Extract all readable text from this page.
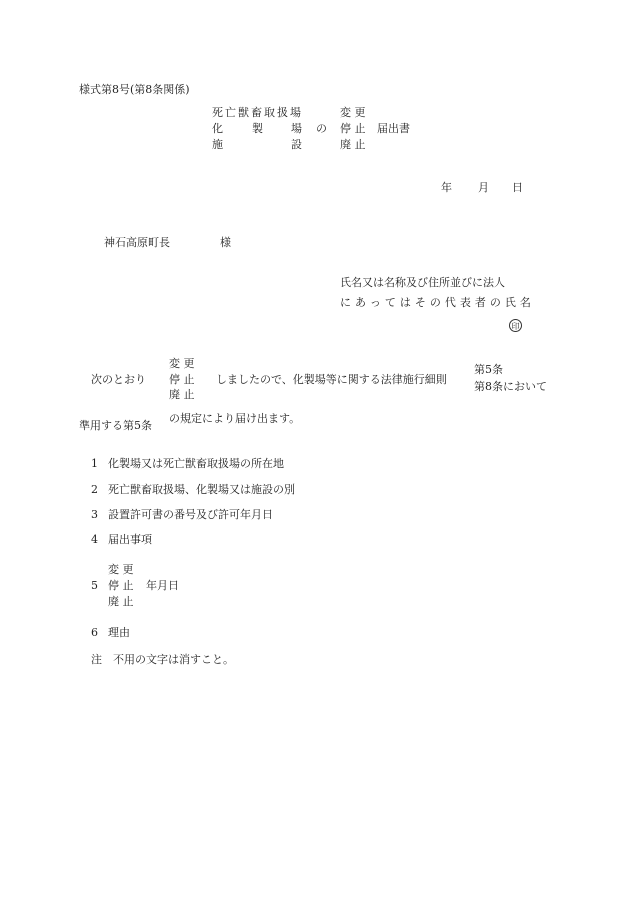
様式第8号(第8条関係)
死亡獣畜取扱場	変 更
化	製	場 の 停 止 届出書
施	設	廃 止
年 月 日
神石高原町長	様
氏名又は名称及び住所並びに法人
にあってはその代表者の氏名
印
変 更
次のとおり 停 止 しましたので、化製場等に関する法律施行細則
廃 止
第5条
第8条において
準用する第5条
の規定により届け出ます。
1 化製場又は死亡獣畜取扱場の所在地
2 死亡獣畜取扱場、化製場又は施設の別
3 設置許可書の番号及び許可年月日
4 届出事項
変 更
5 停 止 年月日
廃 止
6 理由
注 不用の文字は消すこと。
